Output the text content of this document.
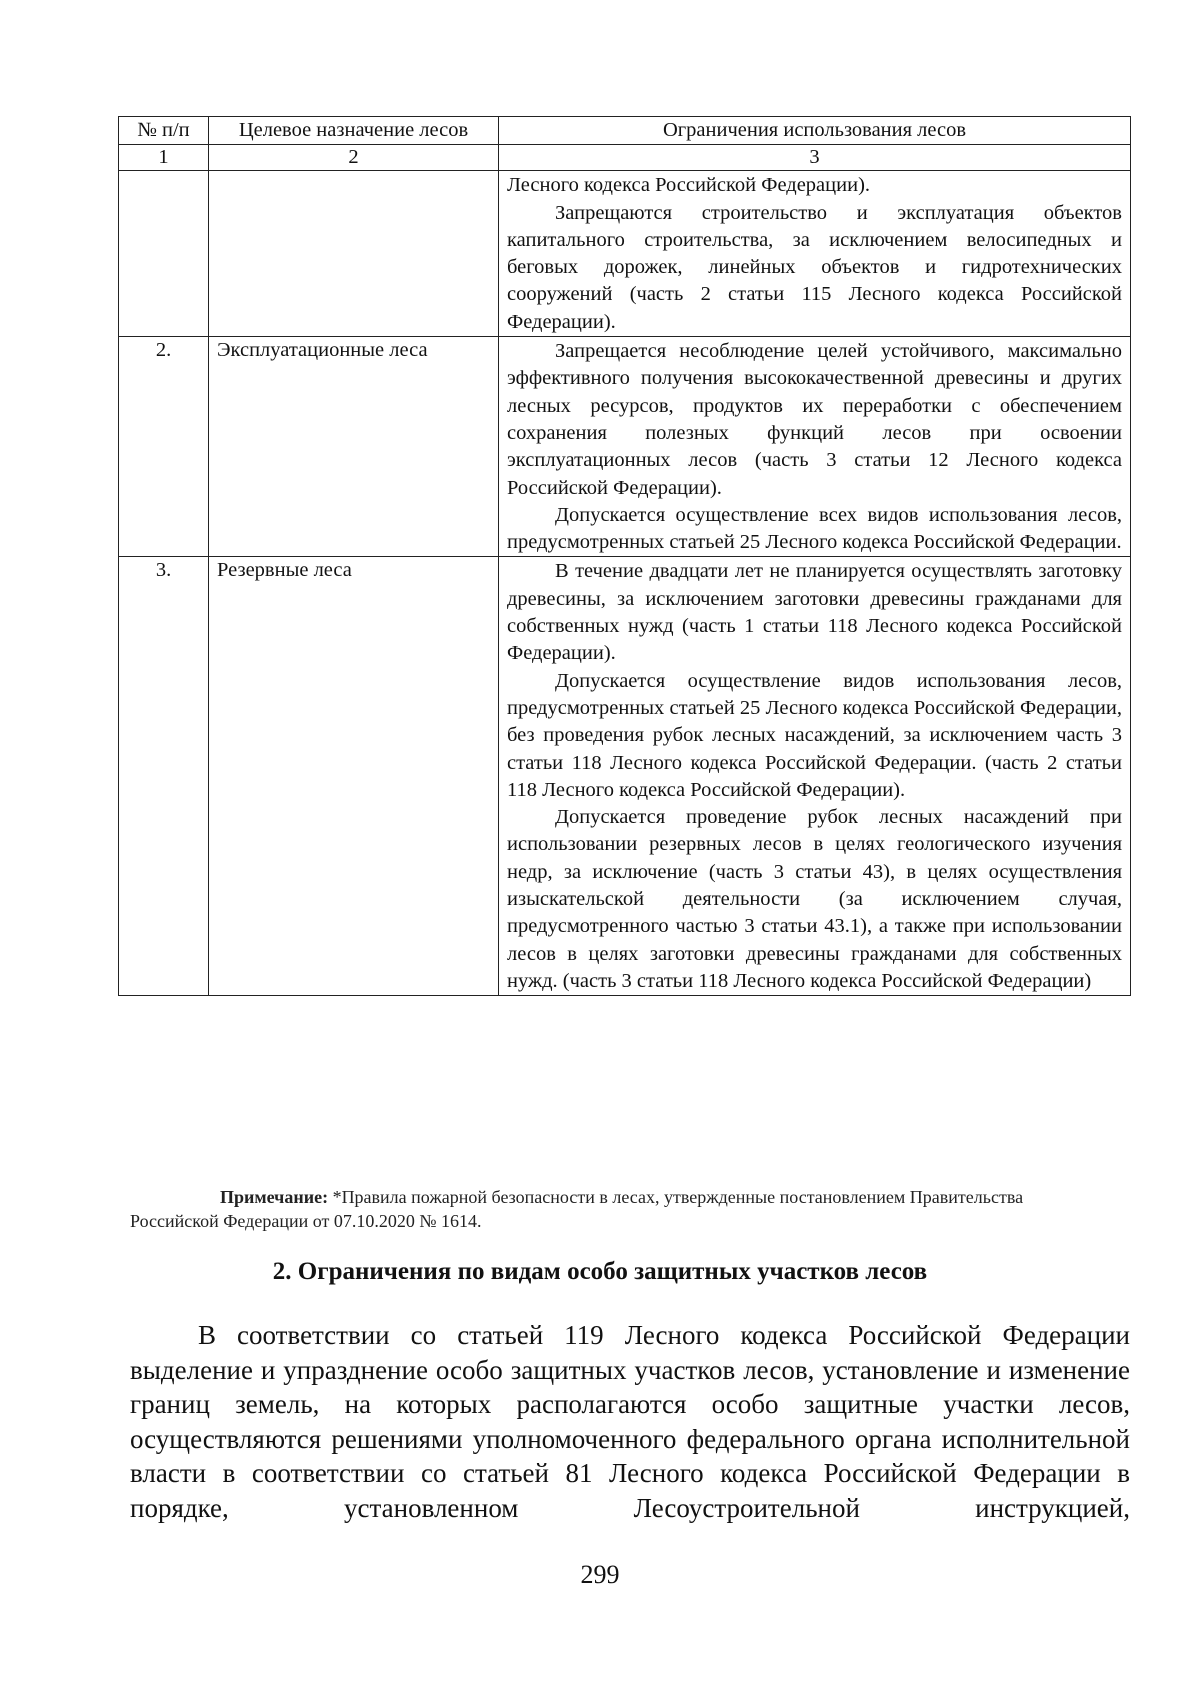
№ п/п	Целевое назначение лесов	Ограничения использования лесов
1	2	3

		Лесного кодекса Российской Федерации).

Запрещаются строительство и эксплуатация объектов капитального строительства, за исключением велосипедных и беговых дорожек, линейных объектов и гидротехнических сооружений (часть 2 статьи 115 Лесного кодекса Российской Федерации).

2.	Эксплуатационные леса	Запрещается несоблюдение целей устойчивого, максимально эффективного получения высококачественной древесины и других лесных ресурсов, продуктов их переработки с обеспечением сохранения полезных функций лесов при освоении эксплуатационных лесов (часть 3 статьи 12 Лесного кодекса Российской Федерации).

Допускается осуществление всех видов использования лесов, предусмотренных статьей 25 Лесного кодекса Российской Федерации.

3.	Резервные леса	В течение двадцати лет не планируется осуществлять заготовку древесины, за исключением заготовки древесины гражданами для собственных нужд (часть 1 статьи 118 Лесного кодекса Российской Федерации).

Допускается осуществление видов использования лесов, предусмотренных статьей 25 Лесного кодекса Российской Федерации, без проведения рубок лесных насаждений, за исключением часть 3 статьи 118 Лесного кодекса Российской Федерации. (часть 2 статьи 118 Лесного кодекса Российской Федерации).

Допускается проведение рубок лесных насаждений при использовании резервных лесов в целях геологического изучения недр, за исключение (часть 3 статьи 43), в целях осуществления изыскательской деятельности (за исключением случая, предусмотренного частью 3 статьи 43.1), а также при использовании лесов в целях заготовки древесины гражданами для собственных нужд. (часть 3 статьи 118 Лесного кодекса Российской Федерации)

Примечание: *Правила пожарной безопасности в лесах, утвержденные постановлением Правительства
Российской Федерации от 07.10.2020 № 1614.
2. Ограничения по видам особо защитных участков лесов

В соответствии со статьей 119 Лесного кодекса Российской Федерации выделение и упразднение особо защитных участков лесов, установление и изменение границ земель, на которых располагаются особо защитные участки лесов, осуществляются решениями уполномоченного федерального органа исполнительной власти в соответствии со статьей 81 Лесного кодекса Российской Федерации в порядке, установленном Лесоустроительной инструкцией,

299
